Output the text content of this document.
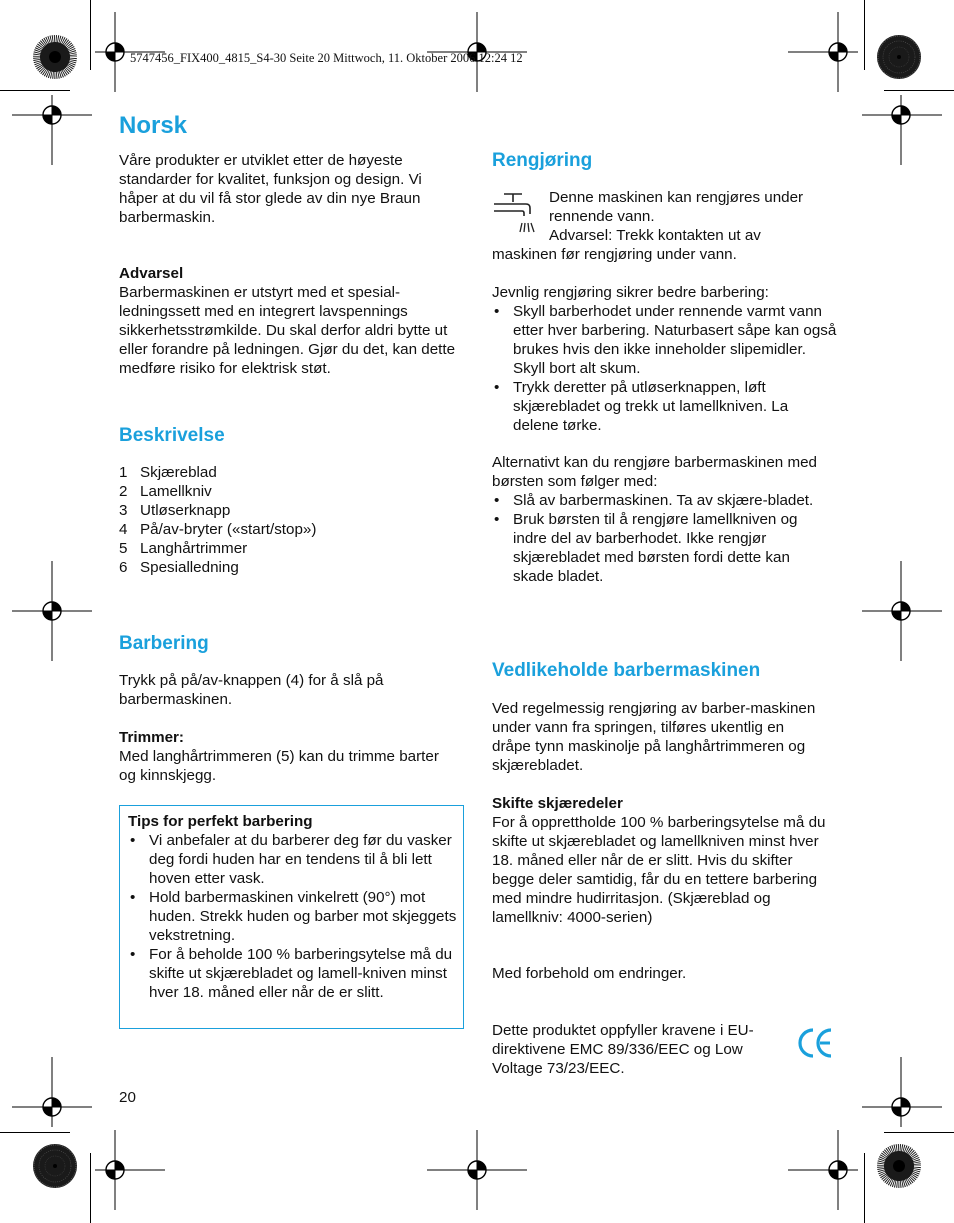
5747456_FIX400_4815_S4-30 Seite 20 Mittwoch, 11. Oktober 2006 12:24 12
Norsk

Våre produkter er utviklet etter de høyeste standarder for kvalitet, funksjon og design. Vi håper at du vil få stor glede av din nye Braun barbermaskin.

Advarsel
Barbermaskinen er utstyrt med et spesial-ledningssett med en integrert lavspennings sikkerhetsstrømkilde. Du skal derfor aldri bytte ut eller forandre på ledningen. Gjør du det, kan dette medføre risiko for elektrisk støt.
Beskrivelse
1 Skjæreblad
2 Lamellkniv
3 Utløserknapp
4 På/av-bryter («start/stop»)
5 Langhårtrimmer
6 Spesialledning
Barbering

Trykk på på/av-knappen (4) for å slå på barbermaskinen.

Trimmer:
Med langhårtrimmeren (5) kan du trimme barter og kinnskjegg.
Tips for perfekt barbering
• Vi anbefaler at du barberer deg før du vasker deg fordi huden har en tendens til å bli lett hoven etter vask.
• Hold barbermaskinen vinkelrett (90°) mot huden. Strekk huden og barber mot skjeggets vekstretning.
• For å beholde 100 % barberingsytelse må du skifte ut skjærebladet og lamell-kniven minst hver 18. måned eller når de er slitt.
20
Rengjøring
Denne maskinen kan rengjøres under
rennende vann.
Advarsel: Trekk kontakten ut av
maskinen før rengjøring under vann.
Jevnlig rengjøring sikrer bedre barbering:
• Skyll barberhodet under rennende varmt vann etter hver barbering. Naturbasert såpe kan også brukes hvis den ikke inneholder slipemidler. Skyll bort alt skum.
• Trykk deretter på utløserknappen, løft skjærebladet og trekk ut lamellkniven. La delene tørke.
Alternativt kan du rengjøre barbermaskinen med børsten som følger med:
• Slå av barbermaskinen. Ta av skjære-bladet.
• Bruk børsten til å rengjøre lamellkniven og indre del av barberhodet. Ikke rengjør skjærebladet med børsten fordi dette kan skade bladet.
Vedlikeholde barbermaskinen

Ved regelmessig rengjøring av barber-maskinen under vann fra springen, tilføres ukentlig en dråpe tynn maskinolje på langhårtrimmeren og skjærebladet.

Skifte skjæredeler
For å opprettholde 100 % barberingsytelse må du skifte ut skjærebladet og lamellkniven minst hver 18. måned eller når de er slitt. Hvis du skifter begge deler samtidig, får du en tettere barbering med mindre hudirritasjon. (Skjæreblad og lamellkniv: 4000-serien)

Med forbehold om endringer.

Dette produktet oppfyller kravene i EU-direktivene EMC 89/336/EEC og Low Voltage 73/23/EEC.
